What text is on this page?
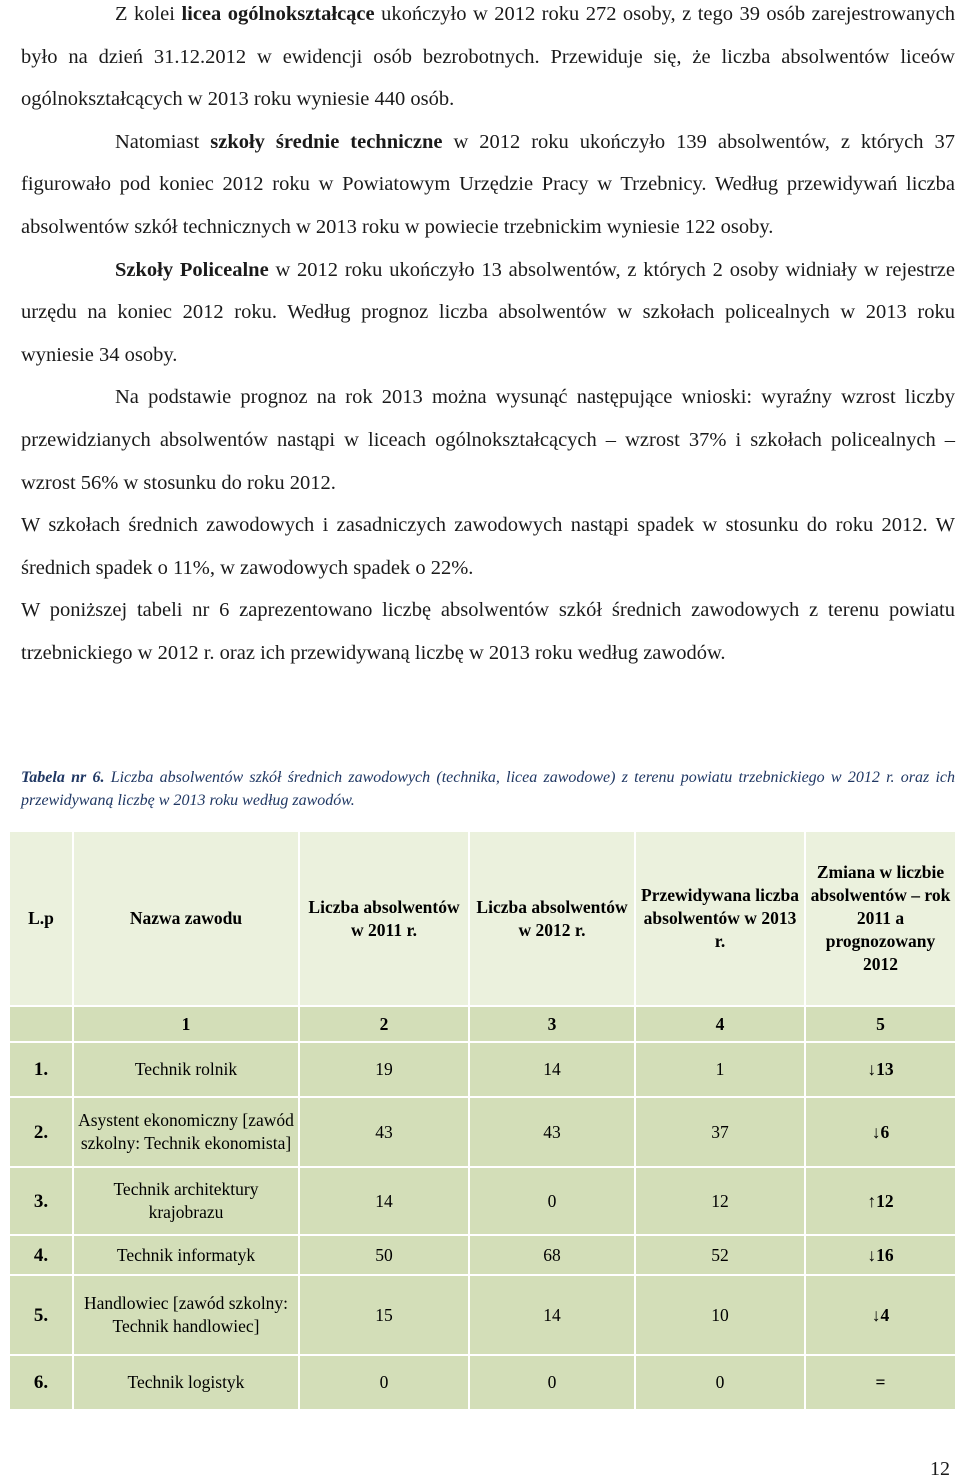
Z kolei licea ogólnokształcące ukończyło w 2012 roku 272 osoby, z tego 39 osób zarejestrowanych było na dzień 31.12.2012 w ewidencji osób bezrobotnych. Przewiduje się, że liczba absolwentów liceów ogólnokształcących w 2013 roku wyniesie 440 osób.

Natomiast szkoły średnie techniczne w 2012 roku ukończyło 139 absolwentów, z których 37 figurowało pod koniec 2012 roku w Powiatowym Urzędzie Pracy w Trzebnicy. Według przewidywań liczba absolwentów szkół technicznych w 2013 roku w powiecie trzebnickim wyniesie 122 osoby.

Szkoły Policealne w 2012 roku ukończyło 13 absolwentów, z których 2 osoby widniały w rejestrze urzędu na koniec 2012 roku. Według prognoz liczba absolwentów w szkołach policealnych w 2013 roku wyniesie 34 osoby.

Na podstawie prognoz na rok 2013 można wysunąć następujące wnioski: wyraźny wzrost liczby przewidzianych absolwentów nastąpi w liceach ogólnokształcących – wzrost 37% i szkołach policealnych – wzrost 56% w stosunku do roku 2012.

W szkołach średnich zawodowych i zasadniczych zawodowych nastąpi spadek w stosunku do roku 2012. W średnich spadek o 11%, w zawodowych spadek o 22%.

W poniższej tabeli nr 6 zaprezentowano liczbę absolwentów szkół średnich zawodowych z terenu powiatu trzebnickiego w 2012 r. oraz ich przewidywaną liczbę w 2013 roku według zawodów.

Tabela nr 6. Liczba absolwentów szkół średnich zawodowych (technika, licea zawodowe) z terenu powiatu trzebnickiego w 2012 r. oraz ich przewidywaną liczbę w 2013 roku według zawodów.
L.p	Nazwa zawodu	Liczba absolwentów w 2011 r.	Liczba absolwentów w 2012 r.	Przewidywana liczba absolwentów w 2013 r.	Zmiana w liczbie absolwentów – rok 2011 a prognozowany 2012
	1	2	3	4	5
1.	Technik rolnik	19	14	1	↓13
2.	Asystent ekonomiczny [zawód szkolny: Technik ekonomista]	43	43	37	↓6
3.	Technik architektury krajobrazu	14	0	12	↑12
4.	Technik informatyk	50	68	52	↓16
5.	Handlowiec [zawód szkolny: Technik handlowiec]	15	14	10	↓4
6.	Technik logistyk	0	0	0	=
12
